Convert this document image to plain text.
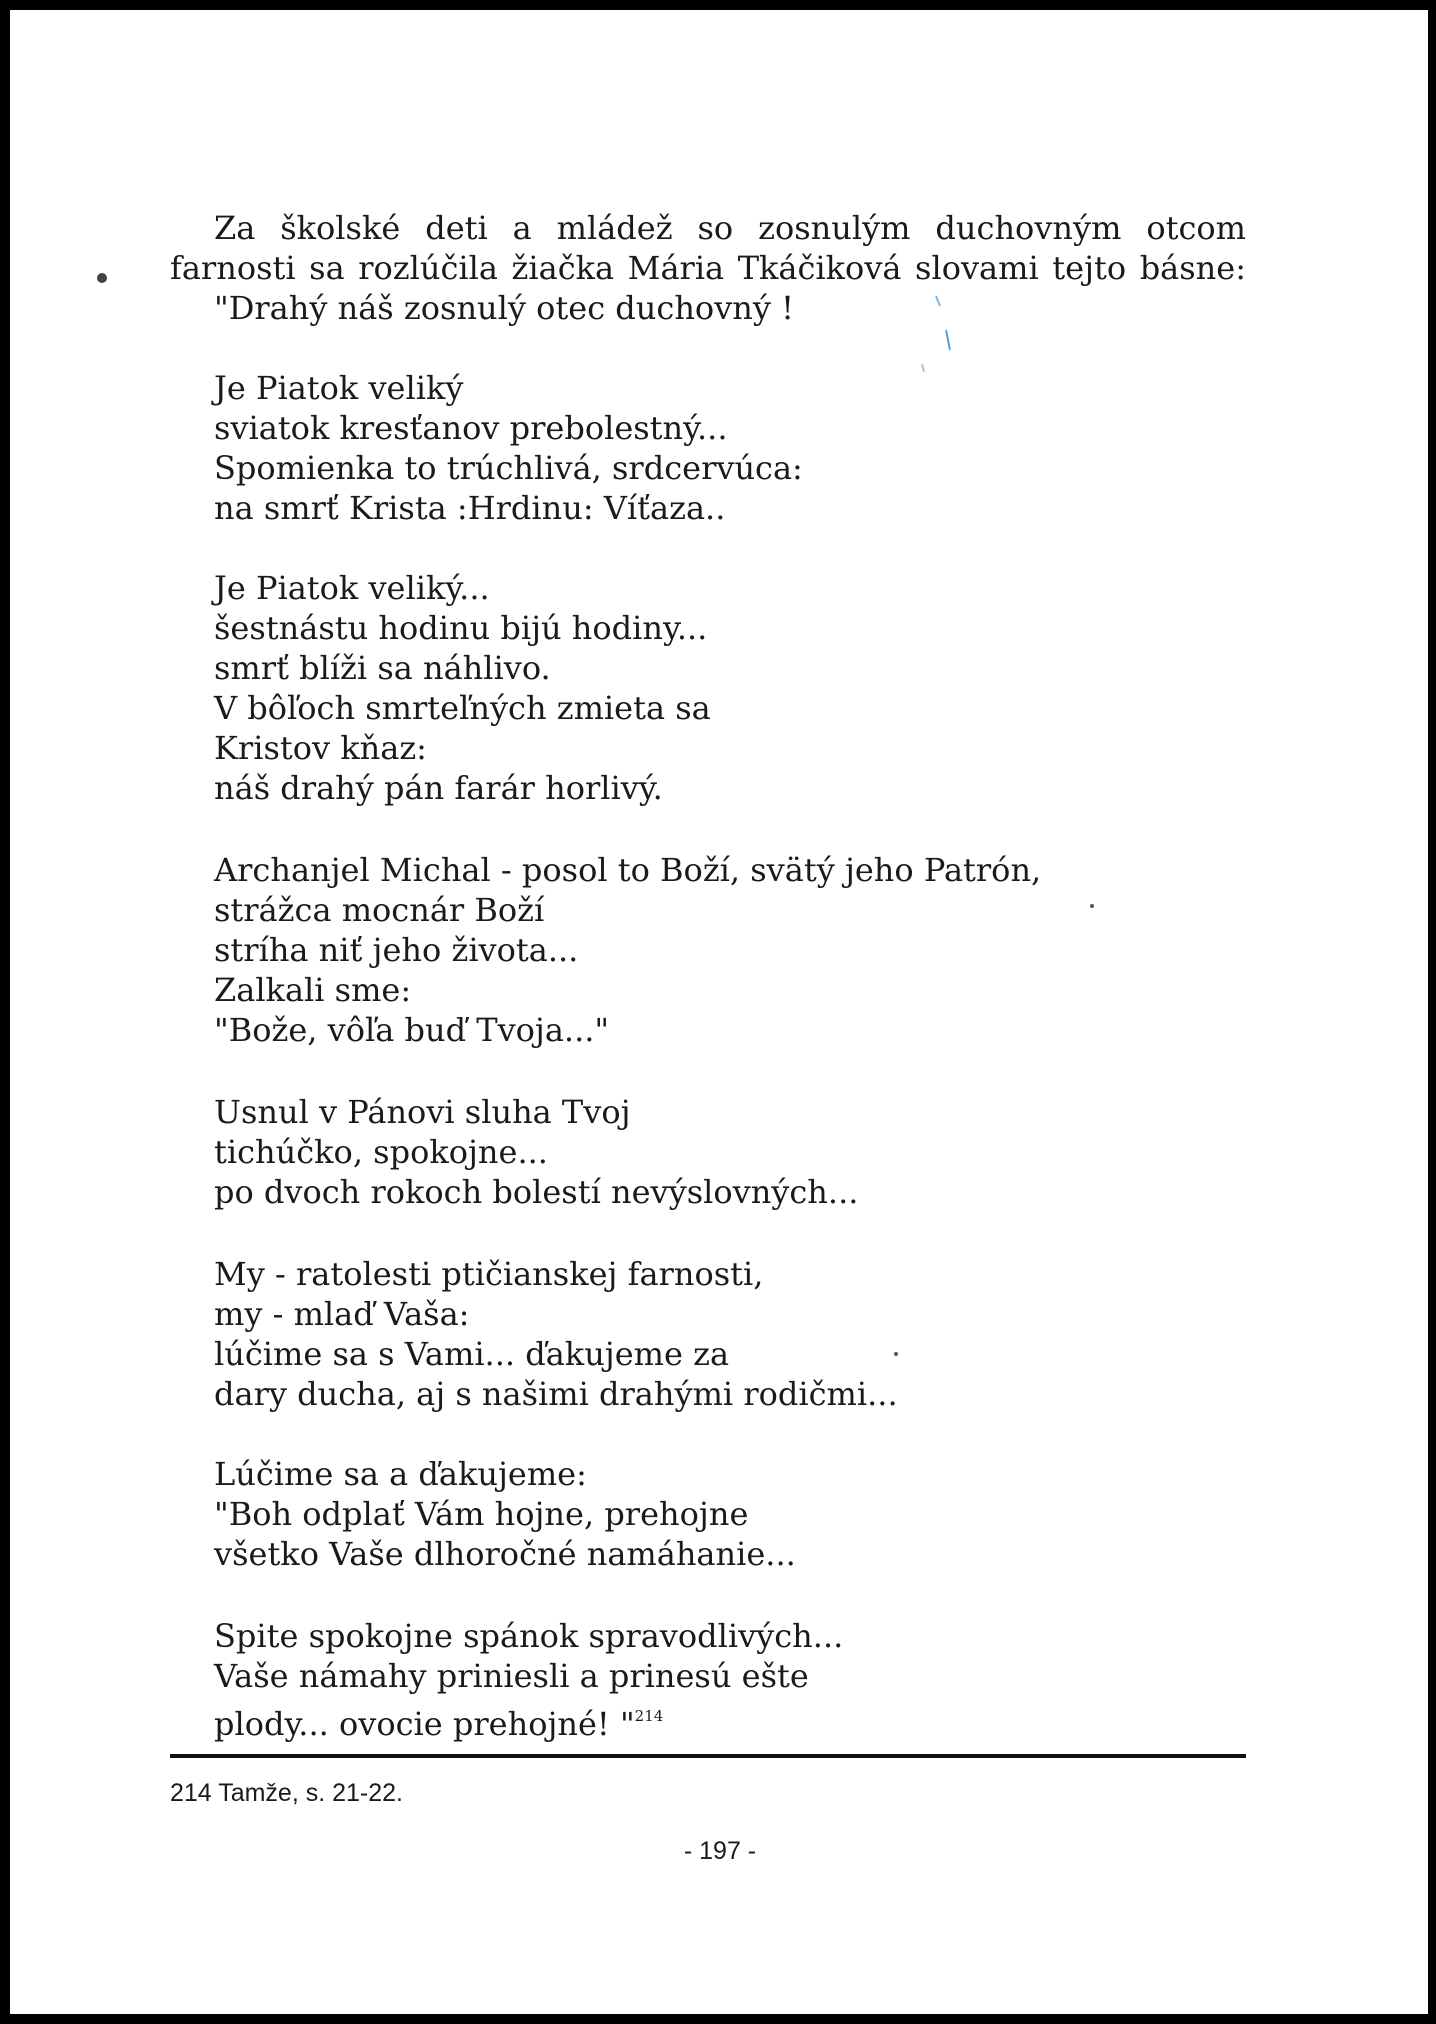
Za školské deti a mládež so zosnulým duchovným otcom

farnosti sa rozlúčila žiačka Mária Tkáčiková slovami tejto básne:

"Drahý náš zosnulý otec duchovný !

Je Piatok veliký

sviatok kresťanov prebolestný...

Spomienka to trúchlivá, srdcervúca:

na smrť Krista :Hrdinu: Víťaza..

Je Piatok veliký...

šestnástu hodinu bijú hodiny...

smrť blíži sa náhlivo.

V bôľoch smrteľných zmieta sa

Kristov kňaz:

náš drahý pán farár horlivý.

Archanjel Michal - posol to Boží, svätý jeho Patrón,

strážca mocnár Boží

stríha niť jeho života...

Zalkali sme:

"Bože, vôľa buď Tvoja..."

Usnul v Pánovi sluha Tvoj

tichúčko, spokojne...

po dvoch rokoch bolestí nevýslovných...

My - ratolesti ptičianskej farnosti,

my - mlaď Vaša:

lúčime sa s Vami... ďakujeme za

dary ducha, aj s našimi drahými rodičmi...

Lúčime sa a ďakujeme:

"Boh odplať Vám hojne, prehojne

všetko Vaše dlhoročné namáhanie...

Spite spokojne spánok spravodlivých...

Vaše námahy priniesli a prinesú ešte

plody... ovocie prehojné! "$^{214}$

214 Tamže, s. 21-22.
- 197 -
